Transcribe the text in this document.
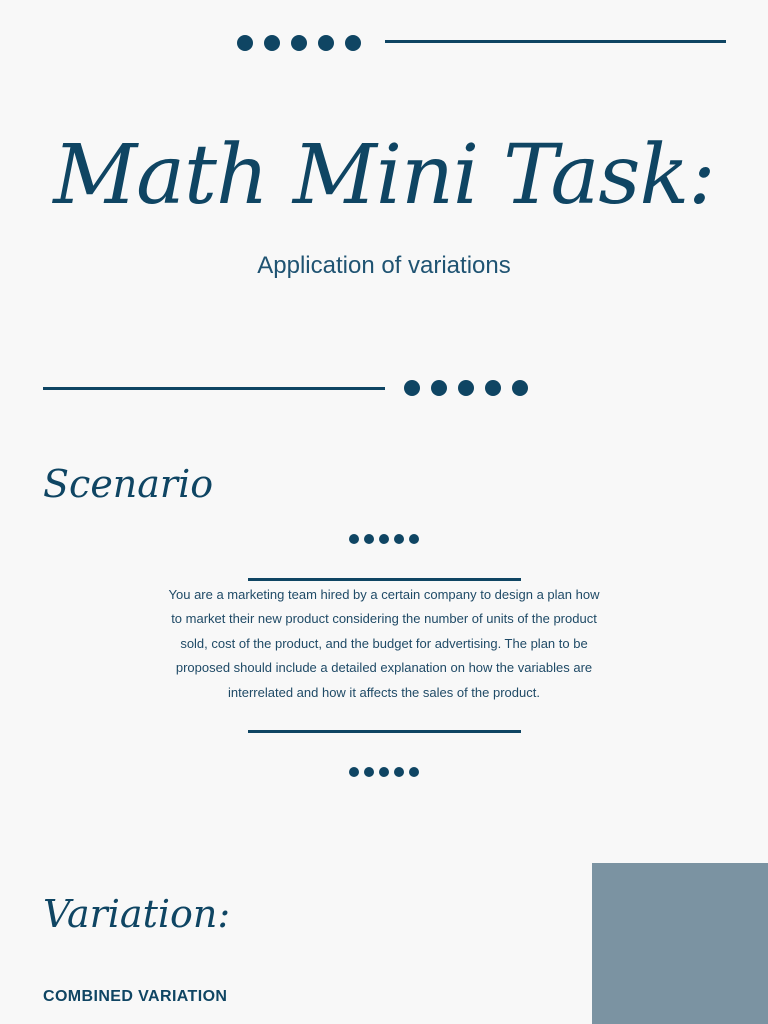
Math Mini Task:
Application of variations
Scenario
You are a marketing team hired by a certain company to design a plan how to market their new product considering the number of units of the product sold, cost of the product, and the budget for advertising. The plan to be proposed should include a detailed explanation on how the variables are interrelated and how it affects the sales of the product.
Variation:
COMBINED VARIATION
